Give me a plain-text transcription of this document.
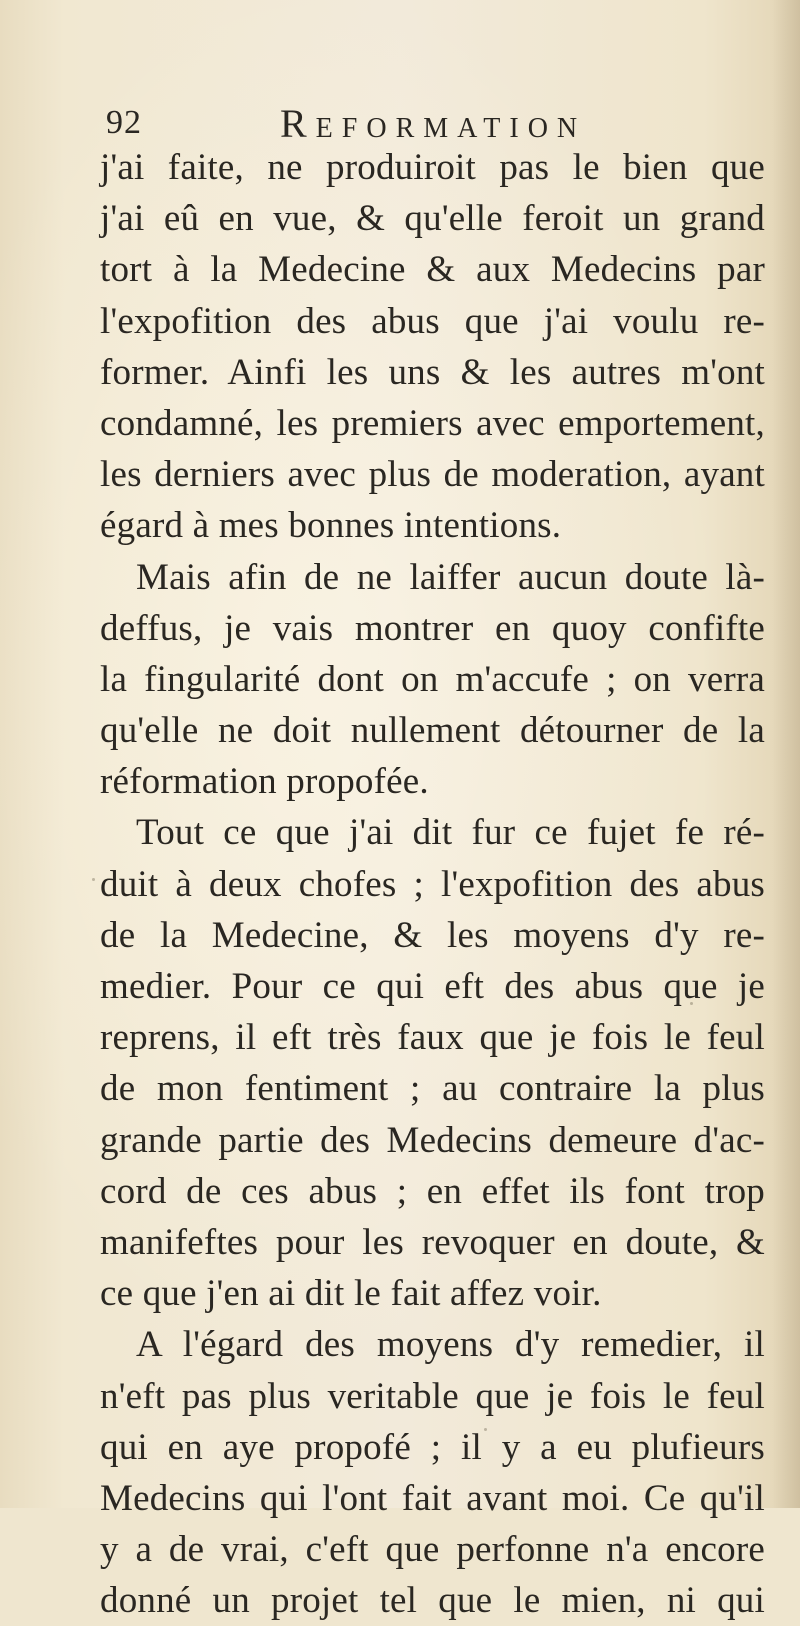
92	Reformation
j'ai faite, ne produiroit pas le bien que
j'ai eû en vue, & qu'elle feroit un grand
tort à la Medecine & aux Medecins par
l'expofition des abus que j'ai voulu re-
former. Ainfi les uns & les autres m'ont
condamné, les premiers avec emportement,
les derniers avec plus de moderation, ayant
égard à mes bonnes intentions.
Mais afin de ne laiffer aucun doute là-
deffus, je vais montrer en quoy confifte
la fingularité dont on m'accufe ; on verra
qu'elle ne doit nullement détourner de la
réformation propofée.
Tout ce que j'ai dit fur ce fujet fe ré-
duit à deux chofes ; l'expofition des abus
de la Medecine, & les moyens d'y re-
medier. Pour ce qui eft des abus que je
reprens, il eft très faux que je fois le feul
de mon fentiment ; au contraire la plus
grande partie des Medecins demeure d'ac-
cord de ces abus ; en effet ils font trop
manifeftes pour les revoquer en doute, &
ce que j'en ai dit le fait affez voir.
A l'égard des moyens d'y remedier, il
n'eft pas plus veritable que je fois le feul
qui en aye propofé ; il y a eu plufieurs
Medecins qui l'ont fait avant moi. Ce qu'il
y a de vrai, c'eft que perfonne n'a encore
donné un projet tel que le mien, ni qui
